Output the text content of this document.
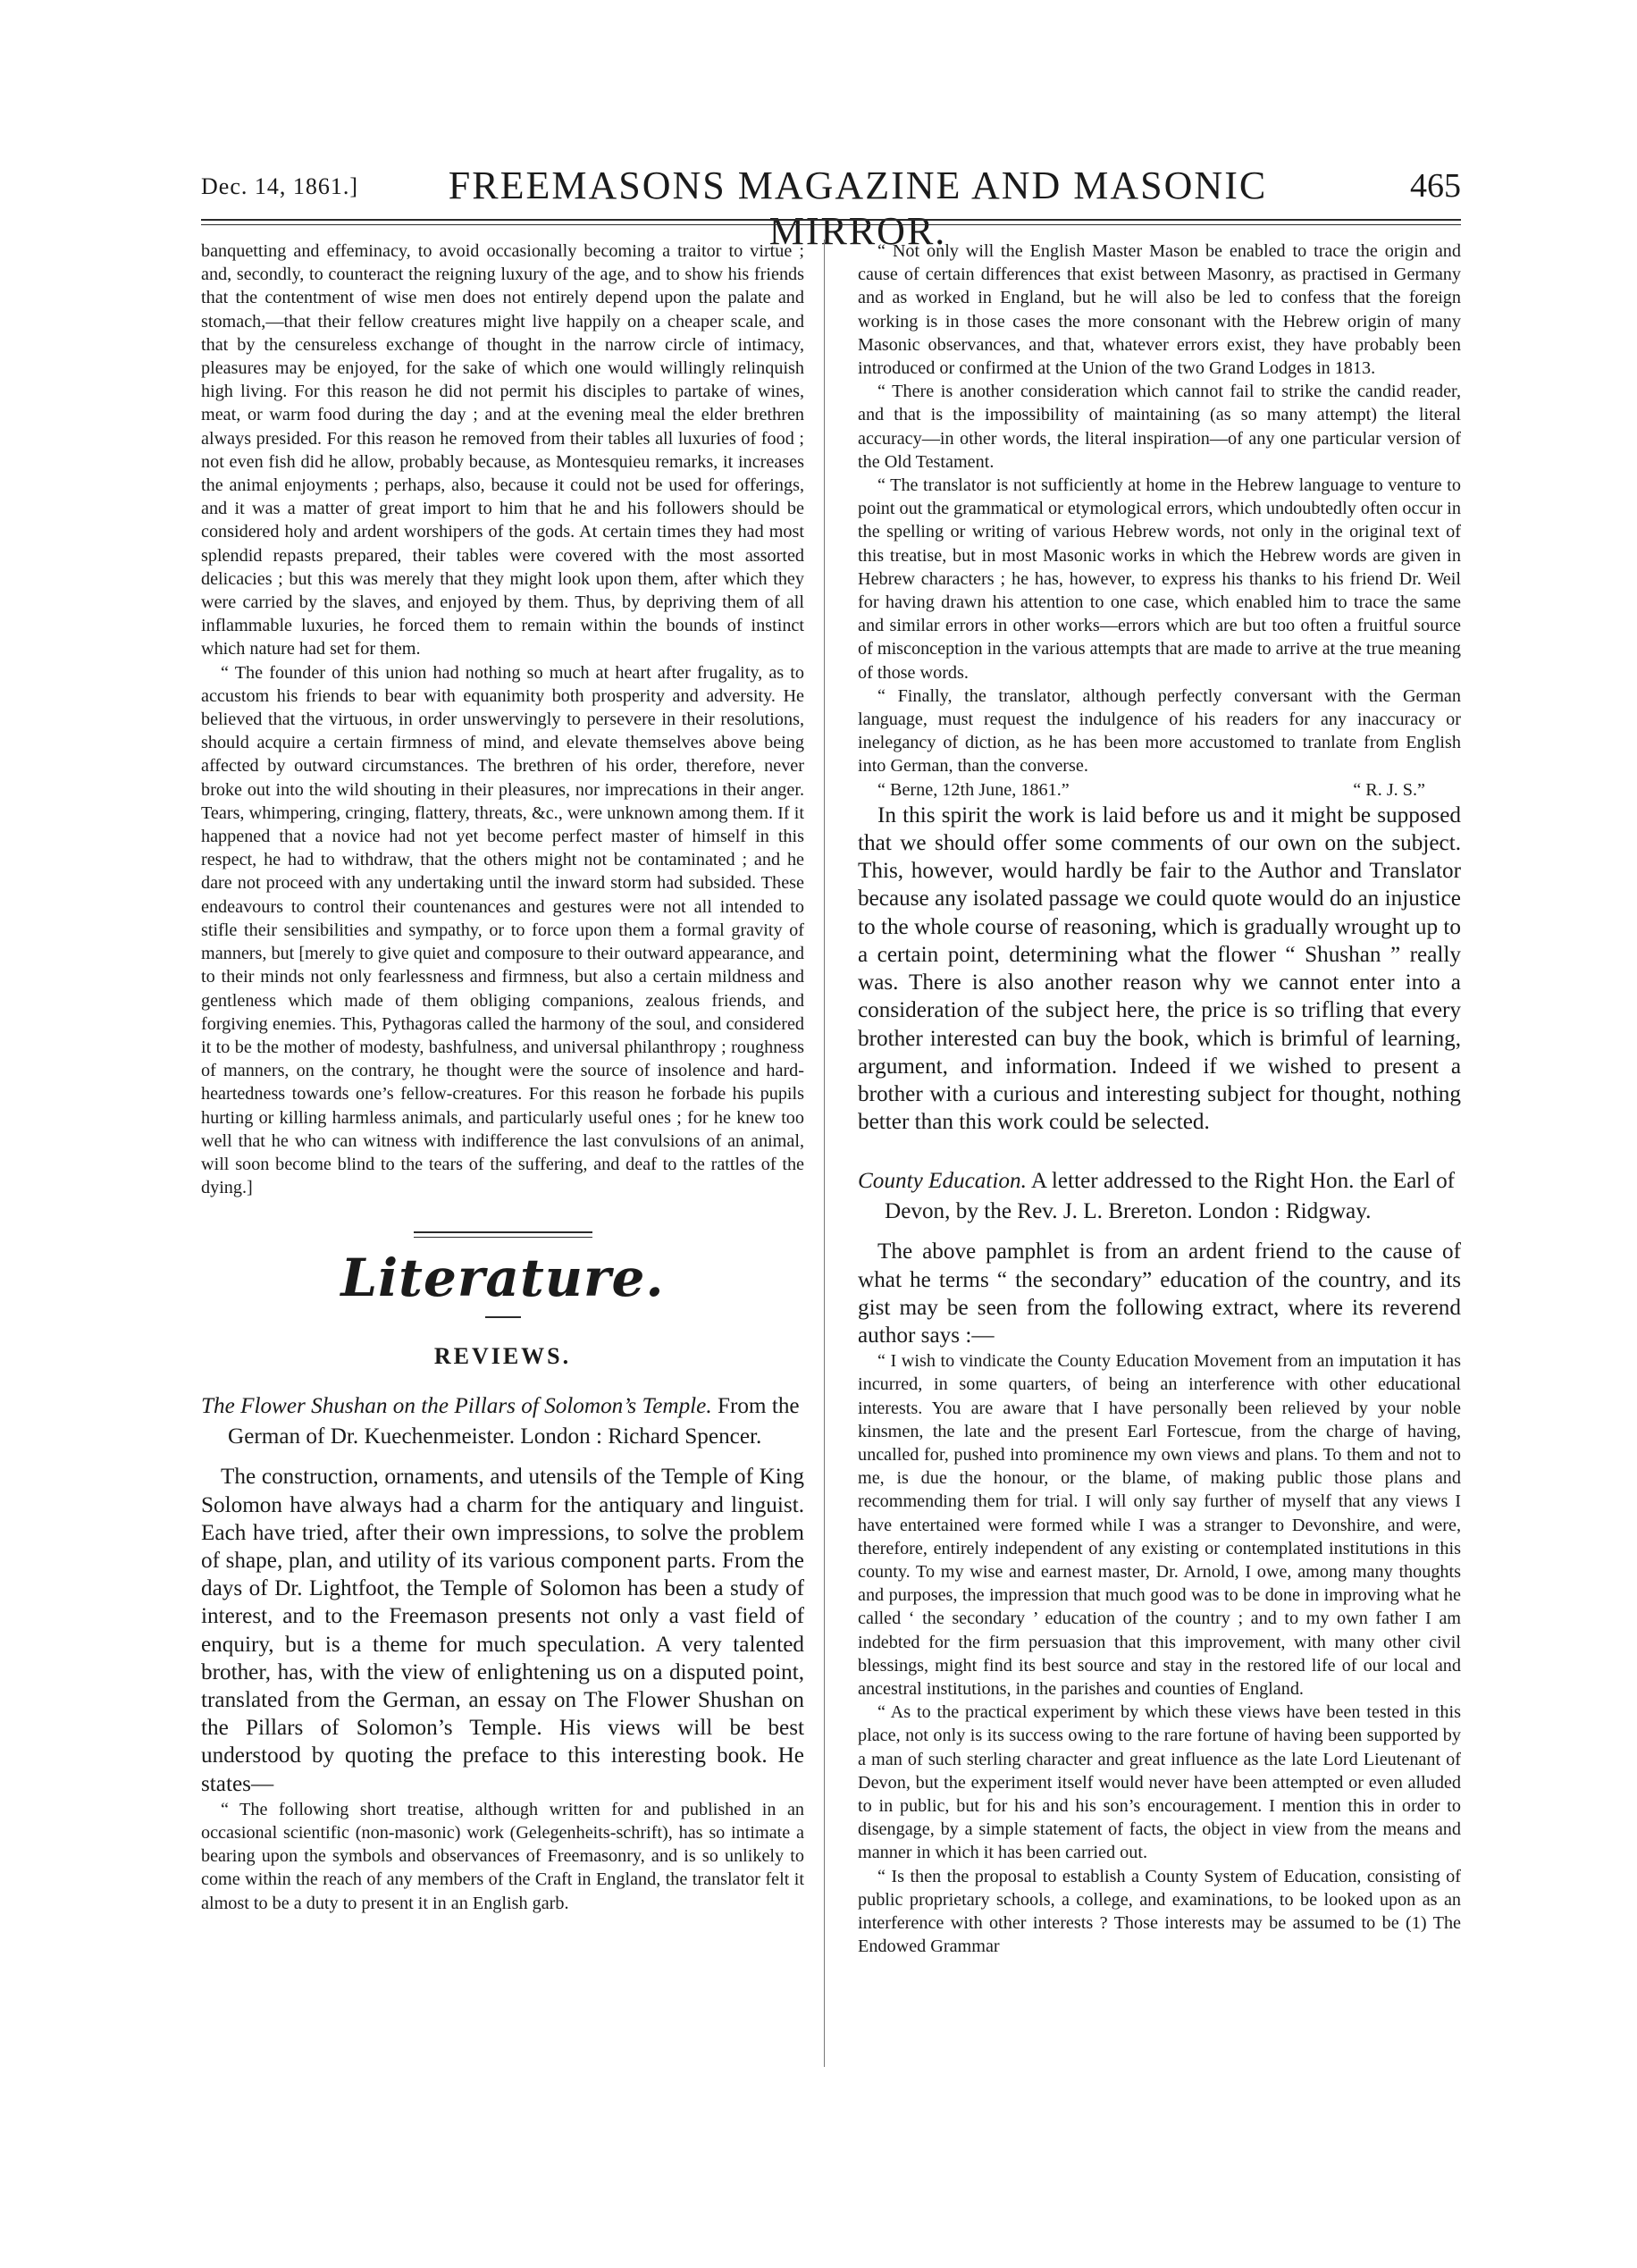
Dec. 14, 1861.]	FREEMASONS MAGAZINE AND MASONIC MIRROR.
465

banquetting and effeminacy, to avoid occasionally becoming a traitor to virtue ; and, secondly, to counteract the reigning luxury of the age, and to show his friends that the contentment of wise men does not entirely depend upon the palate and stomach,—that their fellow creatures might live happily on a cheaper scale, and that by the censureless exchange of thought in the narrow circle of intimacy, pleasures may be enjoyed, for the sake of which one would willingly relinquish high living. For this reason he did not permit his disciples to partake of wines, meat, or warm food during the day ; and at the evening meal the elder brethren always presided. For this reason he removed from their tables all luxuries of food ; not even fish did he allow, probably because, as Montesquieu remarks, it increases the animal enjoyments ; perhaps, also, because it could not be used for offerings, and it was a matter of great import to him that he and his followers should be considered holy and ardent worshipers of the gods. At certain times they had most splendid repasts prepared, their tables were covered with the most assorted delicacies ; but this was merely that they might look upon them, after which they were carried by the slaves, and enjoyed by them. Thus, by depriving them of all inflammable luxuries, he forced them to remain within the bounds of instinct which nature had set for them.

“ The founder of this union had nothing so much at heart after frugality, as to accustom his friends to bear with equanimity both prosperity and adversity. He believed that the virtuous, in order unswervingly to persevere in their resolutions, should acquire a certain firmness of mind, and elevate themselves above being affected by outward circumstances. The brethren of his order, therefore, never broke out into the wild shouting in their pleasures, nor imprecations in their anger. Tears, whimpering, cringing, flattery, threats, &c., were unknown among them. If it happened that a novice had not yet become perfect master of himself in this respect, he had to withdraw, that the others might not be contaminated ; and he dare not proceed with any undertaking until the inward storm had subsided. These endeavours to control their countenances and gestures were not all intended to stifle their sensibilities and sympathy, or to force upon them a formal gravity of manners, but [merely to give quiet and composure to their outward appearance, and to their minds not only fearlessness and firmness, but also a certain mildness and gentleness which made of them obliging companions, zealous friends, and forgiving enemies. This, Pythagoras called the harmony of the soul, and considered it to be the mother of modesty, bashfulness, and universal philanthropy ; roughness of manners, on the contrary, he thought were the source of insolence and hard-heartedness towards one’s fellow-creatures. For this reason he forbade his pupils hurting or killing harmless animals, and particularly useful ones ; for he knew too well that he who can witness with indifference the last convulsions of an animal, will soon become blind to the tears of the suffering, and deaf to the rattles of the dying.]

Literature.
REVIEWS.
The Flower Shushan on the Pillars of Solomon’s Temple. From the German of Dr. Kuechenmeister. London : Richard Spencer.

The construction, ornaments, and utensils of the Temple of King Solomon have always had a charm for the antiquary and linguist. Each have tried, after their own impressions, to solve the problem of shape, plan, and utility of its various component parts. From the days of Dr. Lightfoot, the Temple of Solomon has been a study of interest, and to the Freemason presents not only a vast field of enquiry, but is a theme for much speculation. A very talented brother, has, with the view of enlightening us on a disputed point, translated from the German, an essay on The Flower Shushan on the Pillars of Solomon’s Temple. His views will be best understood by quoting the preface to this interesting book. He states—

“ The following short treatise, although written for and published in an occasional scientific (non-masonic) work (Gelegenheits-schrift), has so intimate a bearing upon the symbols and observances of Freemasonry, and is so unlikely to come within the reach of any members of the Craft in England, the translator felt it almost to be a duty to present it in an English garb.

“ Not only will the English Master Mason be enabled to trace the origin and cause of certain differences that exist between Masonry, as practised in Germany and as worked in England, but he will also be led to confess that the foreign working is in those cases the more consonant with the Hebrew origin of many Masonic observances, and that, whatever errors exist, they have probably been introduced or confirmed at the Union of the two Grand Lodges in 1813.

“ There is another consideration which cannot fail to strike the candid reader, and that is the impossibility of maintaining (as so many attempt) the literal accuracy—in other words, the literal inspiration—of any one particular version of the Old Testament.

“ The translator is not sufficiently at home in the Hebrew language to venture to point out the grammatical or etymological errors, which undoubtedly often occur in the spelling or writing of various Hebrew words, not only in the original text of this treatise, but in most Masonic works in which the Hebrew words are given in Hebrew characters ; he has, however, to express his thanks to his friend Dr. Weil for having drawn his attention to one case, which enabled him to trace the same and similar errors in other works—errors which are but too often a fruitful source of misconception in the various attempts that are made to arrive at the true meaning of those words.

“ Finally, the translator, although perfectly conversant with the German language, must request the indulgence of his readers for any inaccuracy or inelegancy of diction, as he has been more accustomed to tranlate from English into German, than the converse.

“ Berne, 12th June, 1861.”	“ R. J. S.”

In this spirit the work is laid before us and it might be supposed that we should offer some comments of our own on the subject. This, however, would hardly be fair to the Author and Translator because any isolated passage we could quote would do an injustice to the whole course of reasoning, which is gradually wrought up to a certain point, determining what the flower “ Shushan ” really was. There is also another reason why we cannot enter into a consideration of the subject here, the price is so trifling that every brother interested can buy the book, which is brimful of learning, argument, and information. Indeed if we wished to present a brother with a curious and interesting subject for thought, nothing better than this work could be selected.

County Education. A letter addressed to the Right Hon. the Earl of Devon, by the Rev. J. L. Brereton. London : Ridgway.

The above pamphlet is from an ardent friend to the cause of what he terms “ the secondary” education of the country, and its gist may be seen from the following extract, where its reverend author says :—

“ I wish to vindicate the County Education Movement from an imputation it has incurred, in some quarters, of being an interference with other educational interests. You are aware that I have personally been relieved by your noble kinsmen, the late and the present Earl Fortescue, from the charge of having, uncalled for, pushed into prominence my own views and plans. To them and not to me, is due the honour, or the blame, of making public those plans and recommending them for trial. I will only say further of myself that any views I have entertained were formed while I was a stranger to Devonshire, and were, therefore, entirely independent of any existing or contemplated institutions in this county. To my wise and earnest master, Dr. Arnold, I owe, among many thoughts and purposes, the impression that much good was to be done in improving what he called ‘ the secondary ’ education of the country ; and to my own father I am indebted for the firm persuasion that this improvement, with many other civil blessings, might find its best source and stay in the restored life of our local and ancestral institutions, in the parishes and counties of England.

“ As to the practical experiment by which these views have been tested in this place, not only is its success owing to the rare fortune of having been supported by a man of such sterling character and great influence as the late Lord Lieutenant of Devon, but the experiment itself would never have been attempted or even alluded to in public, but for his and his son’s encouragement. I mention this in order to disengage, by a simple statement of facts, the object in view from the means and manner in which it has been carried out.

“ Is then the proposal to establish a County System of Education, consisting of public proprietary schools, a college, and examinations, to be looked upon as an interference with other interests ? Those interests may be assumed to be (1) The Endowed Grammar
